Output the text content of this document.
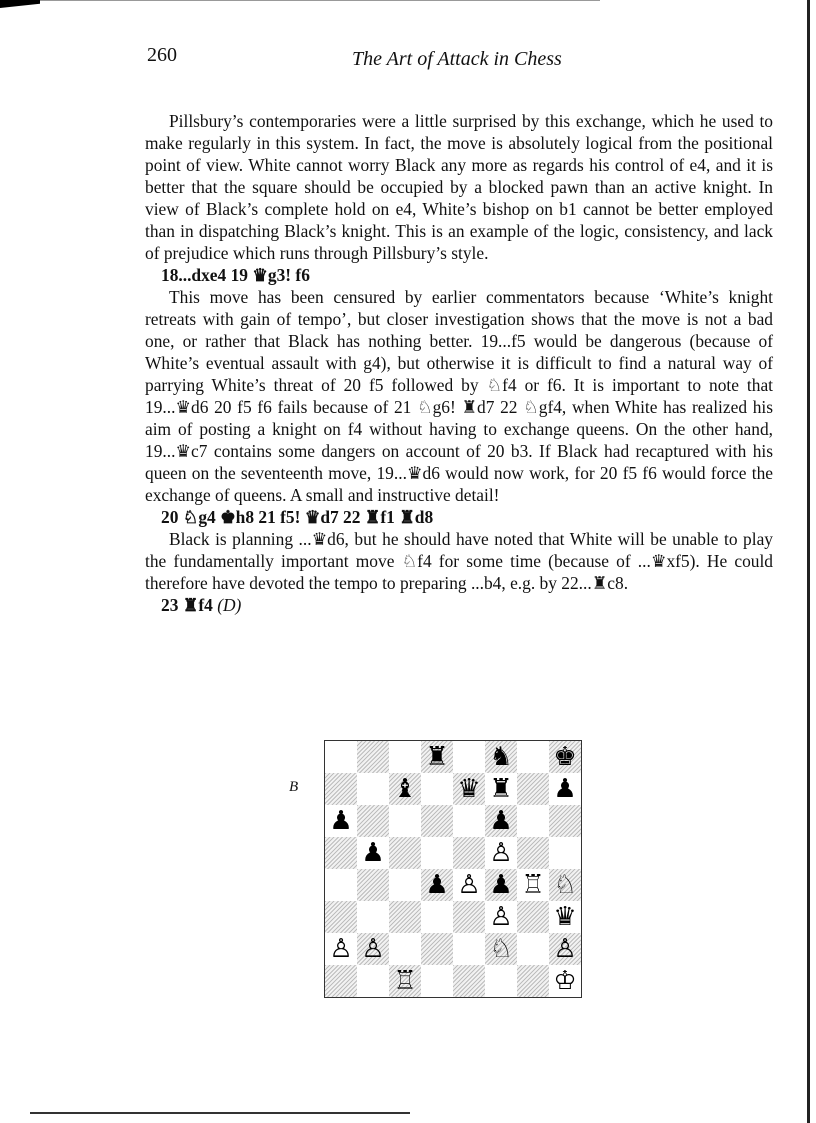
260	The Art of Attack in Chess

Pillsbury’s contemporaries were a little surprised by this exchange, which he used to make regularly in this system. In fact, the move is absolutely logical from the positional point of view. White cannot worry Black any more as regards his control of e4, and it is better that the square should be occupied by a blocked pawn than an active knight. In view of Black’s complete hold on e4, White’s bishop on b1 cannot be better employed than in dispatching Black’s knight. This is an example of the logic, consistency, and lack of prejudice which runs through Pillsbury’s style.

18...dxe4 19 ♛g3! f6

This move has been censured by earlier commentators because ‘White’s knight retreats with gain of tempo’, but closer investigation shows that the move is not a bad one, or rather that Black has nothing better. 19...f5 would be dangerous (because of White’s eventual assault with g4), but otherwise it is difficult to find a natural way of parrying White’s threat of 20 f5 followed by ♘f4 or f6. It is important to note that 19...♛d6 20 f5 f6 fails because of 21 ♘g6! ♜d7 22 ♘gf4, when White has realized his aim of posting a knight on f4 without having to exchange queens. On the other hand, 19...♛c7 contains some dangers on account of 20 b3. If Black had recaptured with his queen on the seventeenth move, 19...♛d6 would now work, for 20 f5 f6 would force the exchange of queens. A small and instructive detail!

20 ♘g4 ♚h8 21 f5! ♛d7 22 ♜f1 ♜d8

Black is planning ...♛d6, but he should have noted that White will be unable to play the fundamentally important move ♘f4 for some time (because of ...♛xf5). He could therefore have devoted the tempo to preparing ...b4, e.g. by 22...♜c8.

23 ♜f4 (D)

B
♜ ♞ ♚
♝ ♛ ♜ ♟
♟	♟
♟	♙
♟ ♙ ♟ ♖ ♘
♙ ♛
♙ ♙	♘ ♙
♖	♔
